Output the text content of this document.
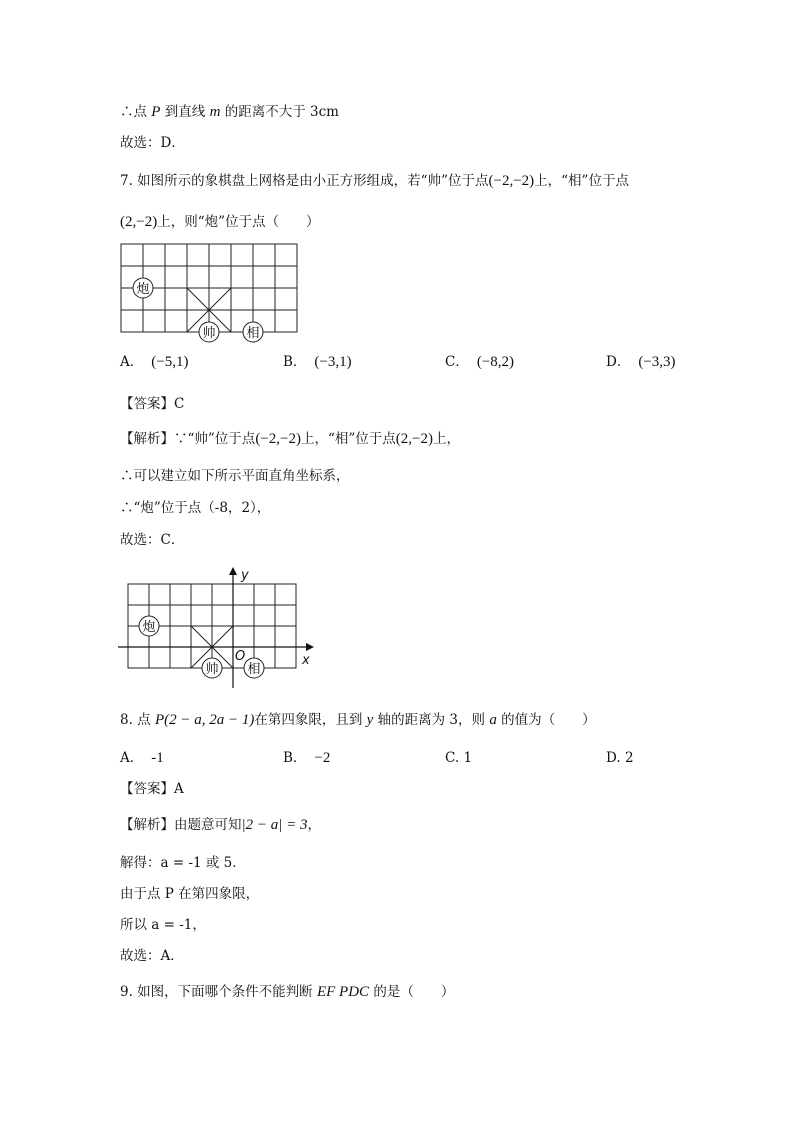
∴点 P 到直线 m 的距离不大于 3cm
故选：D．
7. 如图所示的象棋盘上网格是由小正方形组成，若“帅”位于点(−2,−2)上，“相”位于点
(2,−2)上，则“炮”位于点（　　）
炮
帅 相
A． (−5,1)	B． (−3,1)	C． (−8,2)	D． (−3,3)
【答案】C
【解析】∵“帅”位于点(−2,−2)上，“相”位于点(2,−2)上，
∴可以建立如下所示平面直角坐标系，
∴“炮”位于点（-8，2），
故选：C．
y
x
O
炮
帅 相
8. 点 P(2 − a, 2a − 1)在第四象限，且到 y 轴的距离为 3，则 a 的值为（　　）
A． -1	B． −2	C. 1	D. 2
【答案】A
【解析】由题意可知|2 − a| = 3，
解得：a = -1 或 5．
由于点 P 在第四象限，
所以 a = -1，
故选：A．
9. 如图，下面哪个条件不能判断 EF PDC 的是（　　）
